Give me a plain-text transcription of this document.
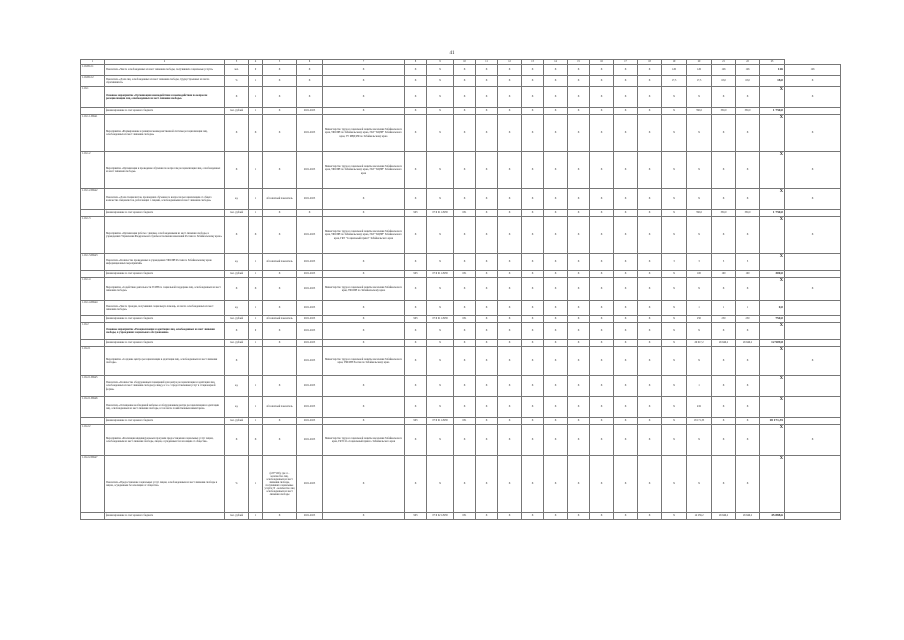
41
1	2	3	4	5	6	7	8	9	10	11	12	13	14	15	16	17	18	19	20	21	22	23	
1.16.П12.1	Показатель «Число освобожденных из мест лишения свободы, получивших социальные услуги»	чел.	0	X	X	X	X	X	X	X	X	X	X	X	X	X	X	126	126	126	126	126	126
1.16.П12.2	Показатель «Доля лиц, освобожденных из мест лишения свободы, трудоустроенных из числа обратившихся»	%	1	X	X	X	X	X	X	X	X	X	X	X	X	X	X	17,5	17,5	18,0	18,0	18,0	X
1.16.1	Основное мероприятие «Организация взаимодействия и взаимодействия по вопросам ресоциализации лиц, освобожденных из мест лишения свободы»	X	1	X	X	X	X	X	X	X	X	X	X	X	X	X	X	X	X	X	X	X	X
	финансирование за счет краевого бюджета	тыс. рублей	1	X	2021-2025	X	X	X	X	X	X	X	X	X	X	X	X	X	350,0	350,0	350,0	1 750,0	
1.16.1.1.П0А1	Мероприятие «Формирование и развитие межведомственной системы ресоциализации лиц, освобожденных из мест лишения свободы»	X	X	X	2021-2025	Министерство труда и социальной защиты населения Забайкальского края, УФСИН по Забайкальскому краю, ГКУ "КЦЗН" Забайкальского края, ГУ МВД РФ по Забайкальскому краю	X	X	X	X	X	X	X	X	X	X	X	X	X	X	X	X	X
1.16.1.2	Мероприятие «Организация и проведение обучения по вопросам ресоциализации лиц, освобожденных из мест лишения свободы»	X	1	X	2021-2025	Министерство труда и социальной защиты населения Забайкальского края, УФСИН по Забайкальскому краю, ГКУ "КЦЗН" Забайкальского края	X	X	X	X	X	X	X	X	X	X	X	X	X	X	X	X	X
1.16.1.2.П0А2	Показатель «Доля специалистов, прошедших обучение по вопросам ресоциализации от общего количества специалистов, работающих с лицами, освобожденными из мест лишения свободы»	ед.	1	абсолютный показатель	2021-2025	X	X	X	X	X	X	X	X	X	X	X	X	X	X	X	X	X	X
	финансирование за счет краевого бюджета	тыс. рублей	1	X	X	X	903	07 Б 01 12938	631	X	X	X	X	X	X	X	X	X	350,0	350,0	350,0	1 750,0	
1.16.1.3	Мероприятие «Организация работы с лицами, освобожденными из мест лишения свободы, в учреждениях Управления Федеральной службы исполнения наказаний России по Забайкальскому краю»	X	X	X	2021-2025	Министерство труда и социальной защиты населения Забайкальского края, УФСИН по Забайкальскому краю, ГКУ "КЦЗН" Забайкальского края, ГКУ "Социальный приют" Забайкальского края	X	X	X	X	X	X	X	X	X	X	X	X	X	X	X	X	X
1.16.1.3.П0А3	Показатель «Количество проведенных в учреждениях УФСИН России по Забайкальскому краю информационных мероприятий»	ед.	1	абсолютный показатель	2021-2025	X	X	X	X	X	X	X	X	X	X	X	X	3	3	3	3	X	
	финансирование за счет краевого бюджета	тыс. рублей	1	X	2021-2025	X	903	07 Б 01 12938	631	X	X	X	X	X	X	X	X	X	100	100	100	300,0	
1.16.1.4	Мероприятие «Содействие деятельности ГСИН по социальной поддержке лиц, освобожденных из мест лишения свободы»	X	X	X	2021-2025	Министерство труда и социальной защиты населения Забайкальского края, УФСИН по Забайкальскому краю	X	X	X	X	X	X	X	X	X	X	X	X	X	X	X	X	X
1.16.1.4.П0А4	Показатель «Число граждан, получивших социальную помощь, из числа освобожденных из мест лишения свободы»	ед.	1	X	2021-2025	X	X	X	X	X	X	X	X	X	X	X	X	X	1	1	1	0,0	
	финансирование за счет краевого бюджета	тыс. рублей	1	абсолютный показатель	2021-2025	X	903	07 Б 01 12938	631	X	X	X	X	X	X	X	X	X	250	250	250	750,0	
1.16.2	Основное мероприятие «Ресоциализация и адаптация лиц, освобожденных из мест лишения свободы, в учреждениях социального обслуживания»	X	0	X	2021-2025	X	X	X	X	X	X	X	X	X	X	X	X	X	X	X	X	X	
	финансирование за счет краевого бюджета	тыс. рублей	1	X	2021-2025	X	X	X	X	X	X	X	X	X	X	X	X	X	26 617,2	26 646,2	26 646,2	12 909,8	
1.16.2.1	Мероприятие «Создание центра ресоциализации и адаптации лиц, освобожденных из мест лишения свободы»	X			2021-2025	Министерство труда и социальной защиты населения Забайкальского края, УФСИН России по Забайкальскому краю	X	X	X	X	X	X	X	X	X	X	X	X	X	X	X	X	X
1.16.2.1.П0А5	Показатель «Количество оборудованных помещений для центра ресоциализации и адаптации лиц, освобожденных из мест лишения свободы (в лице), в т.ч. с предоставлением услуг в стационарной форме»	ед.	1	X	2021-2025	X	X	X	X	X	X	X	X	X	X	X	X	X	1	X	X	X	
1.16.2.1.П0А6	Показатель «Оснащение необходимой мебелью и оборудованием центра ресоциализации и адаптации лиц, освобожденных из мест лишения свободы, в том числе хозяйственным инвентарем»	ед.	1	абсолютный показатель	2021-2025	X	X	X	X	X	X	X	X	X	X	X	X	X	432	X	X	X	
	финансирование за счет краевого бюджета	тыс. рублей	1	X	2021-2025	X	903	07 Б 01 12938	631	X	X	X	X	X	X	X	X	X	18 171,35	X	X	18 171,35	
1.16.2.2	Мероприятие «Реализация индивидуальных программ предоставления социальных услуг лицам, освобожденным из мест лишения свободы, лицам, осужденным без изоляции от общества»	X	X	X	2021-2025	Министерство труда и социальной защиты населения Забайкальского края, ГКУСО «Социальный приют» Забайкальского края	X	X	X	X	X	X	X	X	X	X	X	X	X	X	X	X	X
1.16.2.2.П0А7	Показатель «Предоставление социальных услуг лицам, освобожденным из мест лишения свободы и лицам, осужденным без изоляции от общества»	%	1	(n/N*100), где: n - количество лиц, освобожденных из мест лишения свободы, получивших социальные услуги; N - количество лиц освобожденных из мест лишения свободы	2021-2025	X	X	X	X	X	X	X	X	X	X	X	X	X	X	X	X	X	
	финансирование за счет краевого бюджета	тыс. рублей	1	X	2021-2025	X	903	07 Б 02 12938	631	X	X	X	X	X	X	X	X	X	14 256,2	26 646,2	26 646,2	45 888,6	
